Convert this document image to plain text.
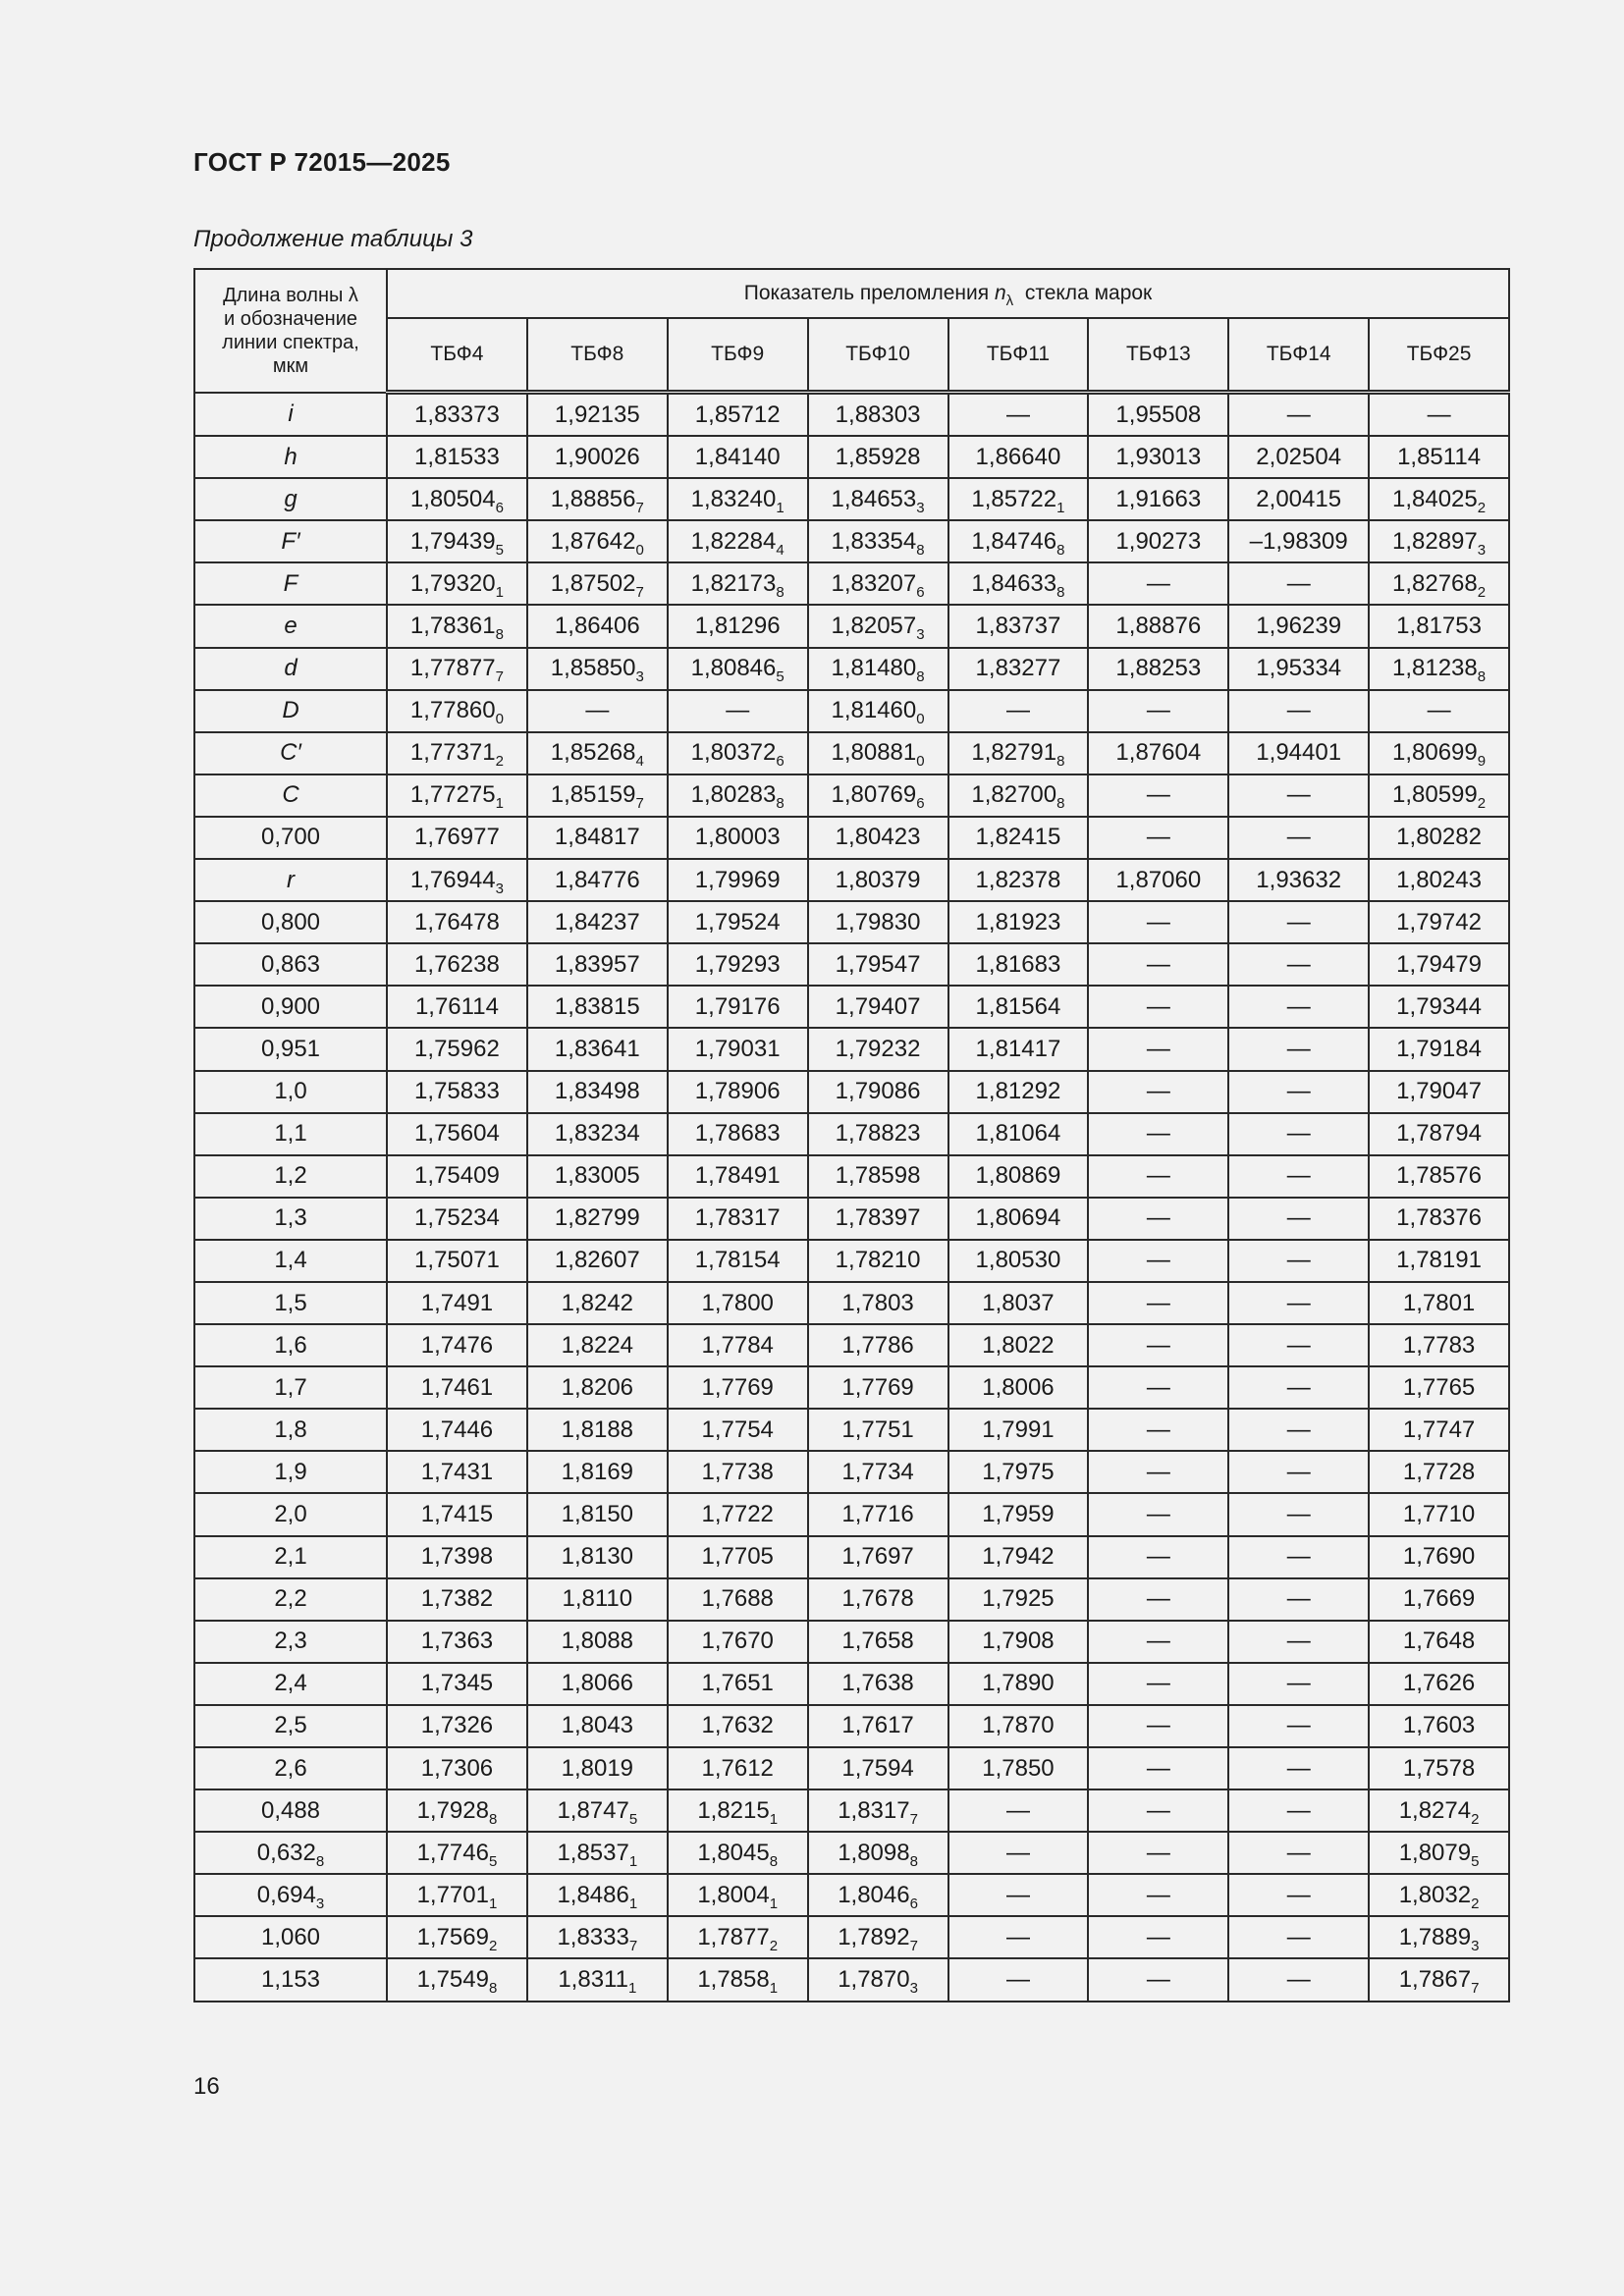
ГОСТ Р 72015—2025
Продолжение таблицы 3
Длина волны λ
и обозначение
линии спектра,
мкм	Показатель преломления $n_\lambda$  стекла марок							
	ТБФ4	ТБФ8	ТБФ9	ТБФ10	ТБФ11	ТБФ13	ТБФ14	ТБФ25
i	1,83373	1,92135	1,85712	1,88303	—	1,95508	—	—
h	1,81533	1,90026	1,84140	1,85928	1,86640	1,93013	2,02504	1,85114
g	$1,80504_6$	$1,88856_7$	$1,83240_1$	$1,84653_3$	$1,85722_1$	1,91663	2,00415	$1,84025_2$
F′	$1,79439_5$	$1,87642_0$	$1,82284_4$	$1,83354_8$	$1,84746_8$	1,90273	–1,98309	$1,82897_3$
F	$1,79320_1$	$1,87502_7$	$1,82173_8$	$1,83207_6$	$1,84633_8$	—	—	$1,82768_2$
e	$1,78361_8$	1,86406	1,81296	$1,82057_3$	1,83737	1,88876	1,96239	1,81753
d	$1,77877_7$	$1,85850_3$	$1,80846_5$	$1,81480_8$	1,83277	1,88253	1,95334	$1,81238_8$
D	$1,77860_0$	—	—	$1,81460_0$	—	—	—	—
C′	$1,77371_2$	$1,85268_4$	$1,80372_6$	$1,80881_0$	$1,82791_8$	1,87604	1,94401	$1,80699_9$
C	$1,77275_1$	$1,85159_7$	$1,80283_8$	$1,80769_6$	$1,82700_8$	—	—	$1,80599_2$
0,700	1,76977	1,84817	1,80003	1,80423	1,82415	—	—	1,80282
r	$1,76944_3$	1,84776	1,79969	1,80379	1,82378	1,87060	1,93632	1,80243
0,800	1,76478	1,84237	1,79524	1,79830	1,81923	—	—	1,79742
0,863	1,76238	1,83957	1,79293	1,79547	1,81683	—	—	1,79479
0,900	1,76114	1,83815	1,79176	1,79407	1,81564	—	—	1,79344
0,951	1,75962	1,83641	1,79031	1,79232	1,81417	—	—	1,79184
1,0	1,75833	1,83498	1,78906	1,79086	1,81292	—	—	1,79047
1,1	1,75604	1,83234	1,78683	1,78823	1,81064	—	—	1,78794
1,2	1,75409	1,83005	1,78491	1,78598	1,80869	—	—	1,78576
1,3	1,75234	1,82799	1,78317	1,78397	1,80694	—	—	1,78376
1,4	1,75071	1,82607	1,78154	1,78210	1,80530	—	—	1,78191
1,5	1,7491	1,8242	1,7800	1,7803	1,8037	—	—	1,7801
1,6	1,7476	1,8224	1,7784	1,7786	1,8022	—	—	1,7783
1,7	1,7461	1,8206	1,7769	1,7769	1,8006	—	—	1,7765
1,8	1,7446	1,8188	1,7754	1,7751	1,7991	—	—	1,7747
1,9	1,7431	1,8169	1,7738	1,7734	1,7975	—	—	1,7728
2,0	1,7415	1,8150	1,7722	1,7716	1,7959	—	—	1,7710
2,1	1,7398	1,8130	1,7705	1,7697	1,7942	—	—	1,7690
2,2	1,7382	1,8110	1,7688	1,7678	1,7925	—	—	1,7669
2,3	1,7363	1,8088	1,7670	1,7658	1,7908	—	—	1,7648
2,4	1,7345	1,8066	1,7651	1,7638	1,7890	—	—	1,7626
2,5	1,7326	1,8043	1,7632	1,7617	1,7870	—	—	1,7603
2,6	1,7306	1,8019	1,7612	1,7594	1,7850	—	—	1,7578
0,488	$1,7928_8$	$1,8747_5$	$1,8215_1$	$1,8317_7$	—	—	—	$1,8274_2$
$0,632_8$	$1,7746_5$	$1,8537_1$	$1,8045_8$	$1,8098_8$	—	—	—	$1,8079_5$
$0,694_3$	$1,7701_1$	$1,8486_1$	$1,8004_1$	$1,8046_6$	—	—	—	$1,8032_2$
1,060	$1,7569_2$	$1,8333_7$	$1,7877_2$	$1,7892_7$	—	—	—	$1,7889_3$
1,153	$1,7549_8$	$1,8311_1$	$1,7858_1$	$1,7870_3$	—	—	—	$1,7867_7$
16
